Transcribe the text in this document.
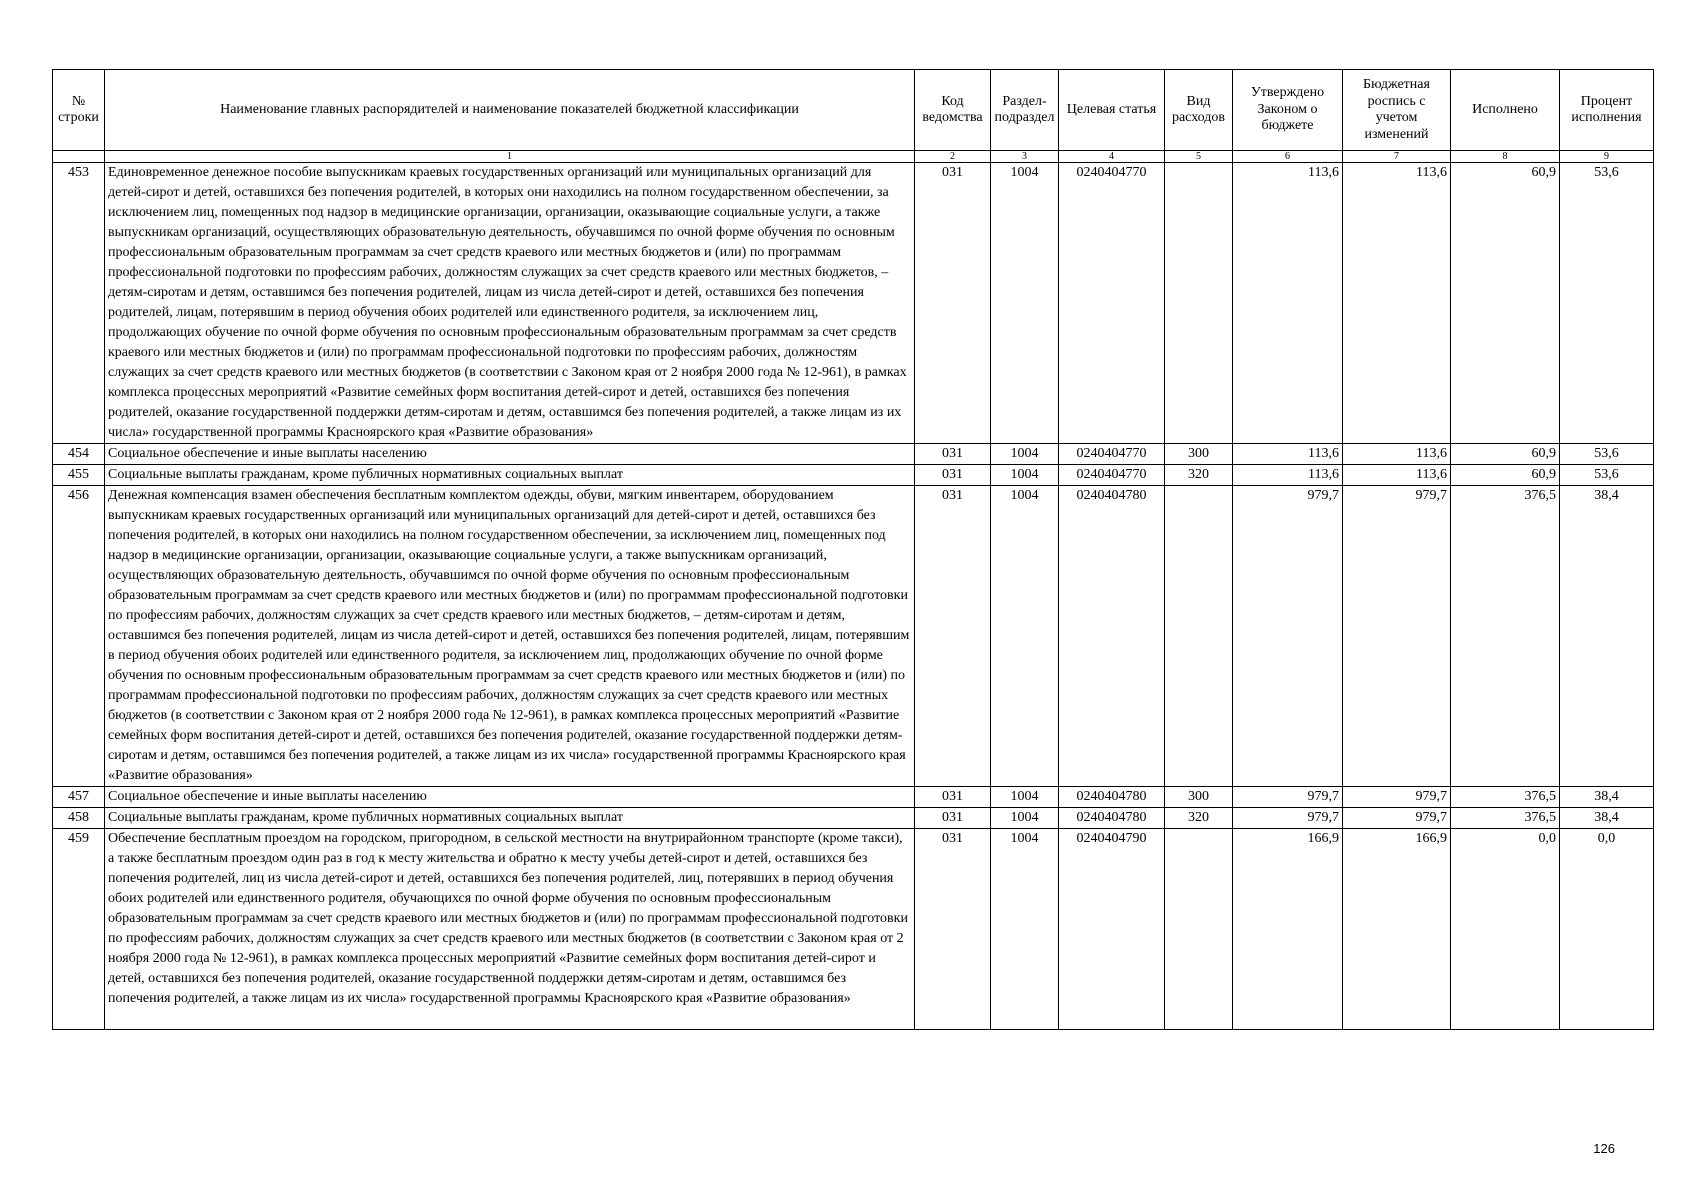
№ строки	Наименование главных распорядителей и наименование показателей бюджетной классификации	Код ведомства	Раздел-подраздел	Целевая статья	Вид расходов	Утверждено Законом о бюджете	Бюджетная роспись с учетом изменений	Исполнено	Процент исполнения
	1	2	3	4	5	6	7	8	9
453	Единовременное денежное пособие выпускникам краевых государственных организаций или муниципальных организаций для детей-сирот и детей, оставшихся без попечения родителей, в которых они находились на полном государственном обеспечении, за исключением лиц, помещенных под надзор в медицинские организации, организации, оказывающие социальные услуги, а также выпускникам организаций, осуществляющих образовательную деятельность, обучавшимся по очной форме обучения по основным профессиональным образовательным программам за счет средств краевого или местных бюджетов и (или) по программам профессиональной подготовки по профессиям рабочих, должностям служащих за счет средств краевого или местных бюджетов, – детям-сиротам и детям, оставшимся без попечения родителей, лицам из числа детей-сирот и детей, оставшихся без попечения родителей, лицам, потерявшим в период обучения обоих родителей или единственного родителя, за исключением лиц, продолжающих обучение по очной форме обучения по основным профессиональным образовательным программам за счет средств краевого или местных бюджетов и (или) по программам профессиональной подготовки по профессиям рабочих, должностям служащих за счет средств краевого или местных бюджетов (в соответствии с Законом края от 2 ноября 2000 года № 12-961), в рамках комплекса процессных мероприятий «Развитие семейных форм воспитания детей-сирот и детей, оставшихся без попечения родителей, оказание государственной поддержки детям-сиротам и детям, оставшимся без попечения родителей, а также лицам из их числа» государственной программы Красноярского края «Развитие образования»	031	1004	0240404770		113,6	113,6	60,9	53,6
454	Социальное обеспечение и иные выплаты населению	031	1004	0240404770	300	113,6	113,6	60,9	53,6
455	Социальные выплаты гражданам, кроме публичных нормативных социальных выплат	031	1004	0240404770	320	113,6	113,6	60,9	53,6
456	Денежная компенсация взамен обеспечения бесплатным комплектом одежды, обуви, мягким инвентарем, оборудованием выпускникам краевых государственных организаций или муниципальных организаций для детей-сирот и детей, оставшихся без попечения родителей, в которых они находились на полном государственном обеспечении, за исключением лиц, помещенных под надзор в медицинские организации, организации, оказывающие социальные услуги, а также выпускникам организаций, осуществляющих образовательную деятельность, обучавшимся по очной форме обучения по основным профессиональным образовательным программам за счет средств краевого или местных бюджетов и (или) по программам профессиональной подготовки по профессиям рабочих, должностям служащих за счет средств краевого или местных бюджетов, – детям-сиротам и детям, оставшимся без попечения родителей, лицам из числа детей-сирот и детей, оставшихся без попечения родителей, лицам, потерявшим в период обучения обоих родителей или единственного родителя, за исключением лиц, продолжающих обучение по очной форме обучения по основным профессиональным образовательным программам за счет средств краевого или местных бюджетов и (или) по программам профессиональной подготовки по профессиям рабочих, должностям служащих за счет средств краевого или местных бюджетов (в соответствии с Законом края от 2 ноября 2000 года № 12-961), в рамках комплекса процессных мероприятий «Развитие семейных форм воспитания детей-сирот и детей, оставшихся без попечения родителей, оказание государственной поддержки детям-сиротам и детям, оставшимся без попечения родителей, а также лицам из их числа» государственной программы Красноярского края «Развитие образования»	031	1004	0240404780		979,7	979,7	376,5	38,4
457	Социальное обеспечение и иные выплаты населению	031	1004	0240404780	300	979,7	979,7	376,5	38,4
458	Социальные выплаты гражданам, кроме публичных нормативных социальных выплат	031	1004	0240404780	320	979,7	979,7	376,5	38,4
459	Обеспечение бесплатным проездом на городском, пригородном, в сельской местности на внутрирайонном транспорте (кроме такси), а также бесплатным проездом один раз в год к месту жительства и обратно к месту учебы детей-сирот и детей, оставшихся без попечения родителей, лиц из числа детей-сирот и детей, оставшихся без попечения родителей, лиц, потерявших в период обучения обоих родителей или единственного родителя, обучающихся по очной форме обучения по основным профессиональным образовательным программам за счет средств краевого или местных бюджетов и (или) по программам профессиональной подготовки по профессиям рабочих, должностям служащих за счет средств краевого или местных бюджетов (в соответствии с Законом края от 2 ноября 2000 года № 12-961), в рамках комплекса процессных мероприятий «Развитие семейных форм воспитания детей-сирот и детей, оставшихся без попечения родителей, оказание государственной поддержки детям-сиротам и детям, оставшимся без попечения родителей, а также лицам из их числа» государственной программы Красноярского края «Развитие образования»	031	1004	0240404790		166,9	166,9	0,0	0,0
126
